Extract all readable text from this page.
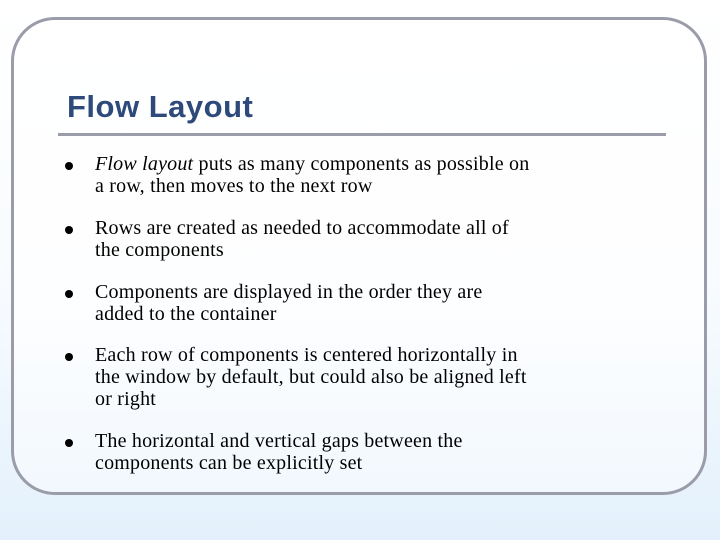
Flow Layout
Flow layout puts as many components as possible on
a row, then moves to the next row
Rows are created as needed to accommodate all of
the components
Components are displayed in the order they are
added to the container
Each row of components is centered horizontally in
the window by default, but could also be aligned left
or right
The horizontal and vertical gaps between the
components can be explicitly set
